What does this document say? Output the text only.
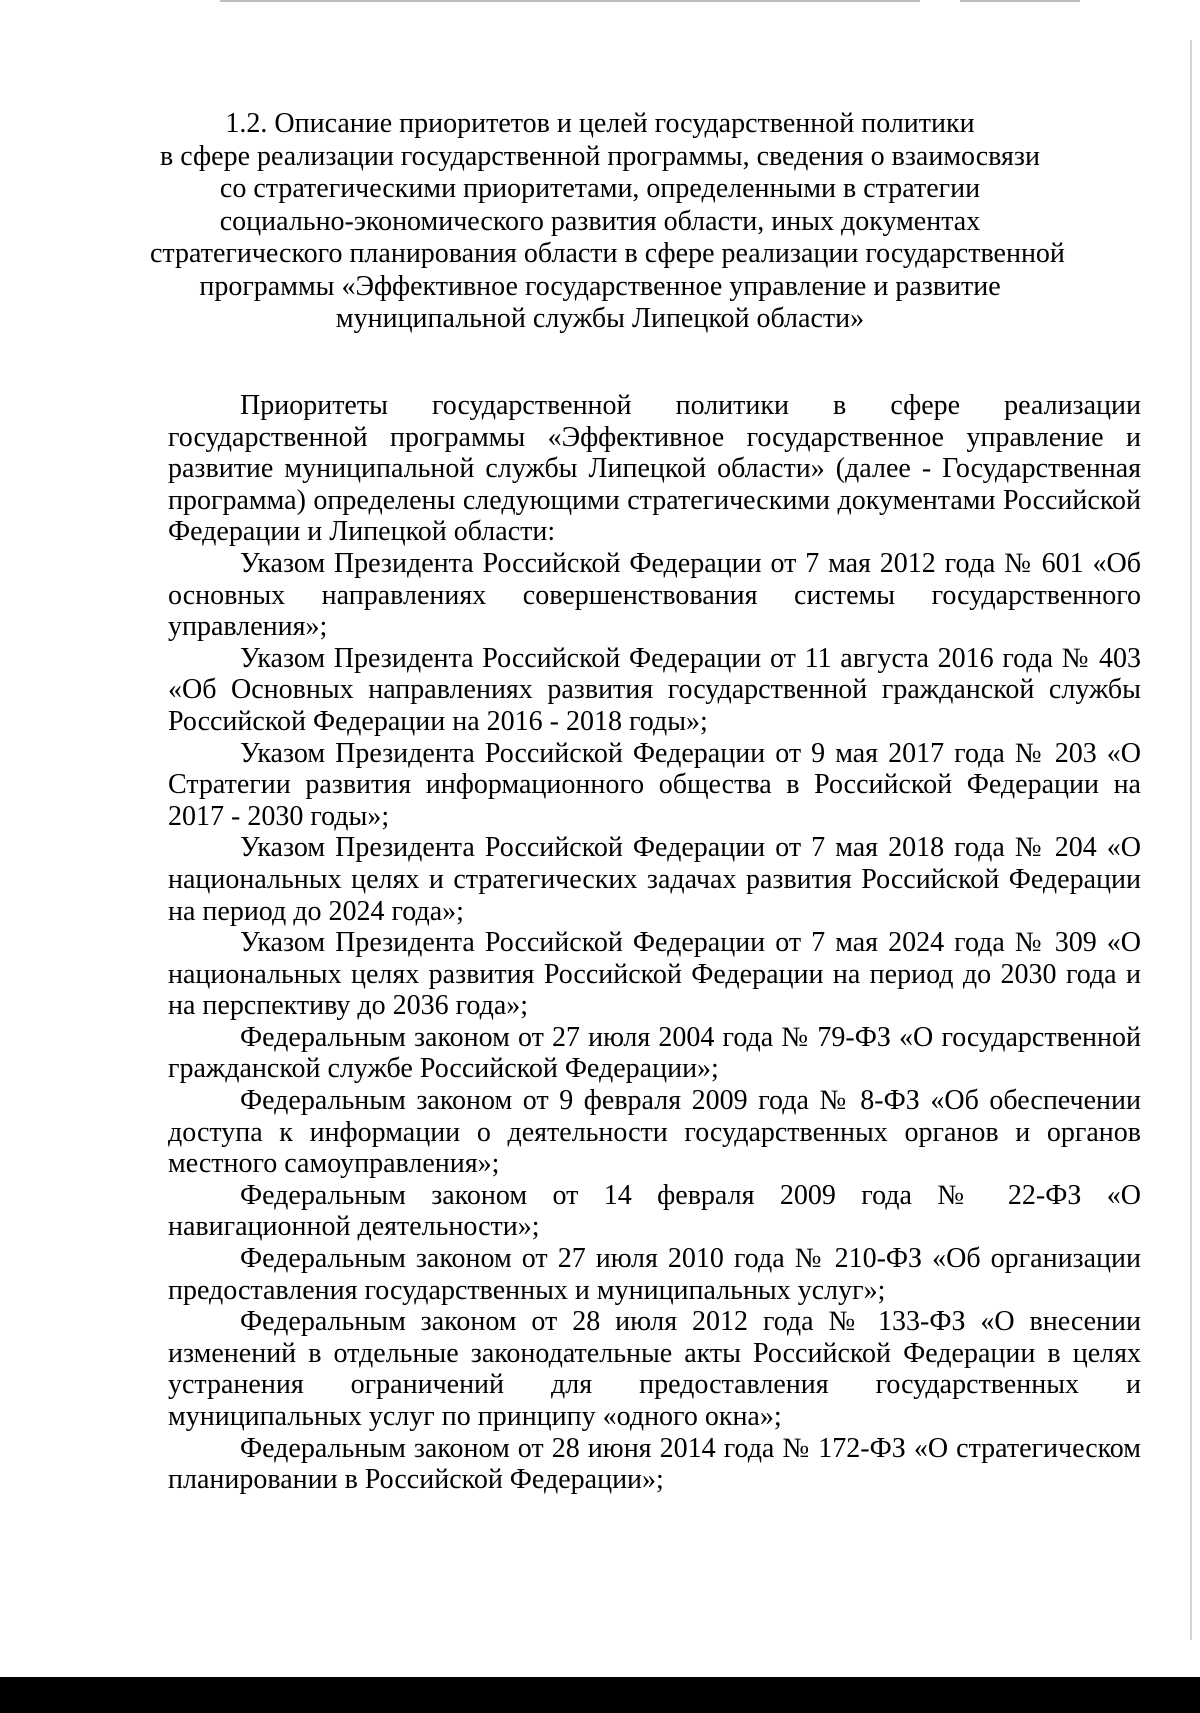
1.2. Описание приоритетов и целей государственной политики
в сфере реализации государственной программы, сведения о взаимосвязи
со стратегическими приоритетами, определенными в стратегии
социально-экономического развития области, иных документах
стратегического планирования области в сфере реализации государственной
программы «Эффективное государственное управление и развитие
муниципальной службы Липецкой области»

Приоритеты государственной политики в сфере реализации государственной программы «Эффективное государственное управление и развитие муниципальной службы Липецкой области» (далее - Государственная программа) определены следующими стратегическими документами Российской Федерации и Липецкой области:

Указом Президента Российской Федерации от 7 мая 2012 года № 601 «Об основных направлениях совершенствования системы государственного управления»;

Указом Президента Российской Федерации от 11 августа 2016 года № 403 «Об Основных направлениях развития государственной гражданской службы Российской Федерации на 2016 - 2018 годы»;

Указом Президента Российской Федерации от 9 мая 2017 года № 203 «О Стратегии развития информационного общества в Российской Федерации на 2017 - 2030 годы»;

Указом Президента Российской Федерации от 7 мая 2018 года № 204 «О национальных целях и стратегических задачах развития Российской Федерации на период до 2024 года»;

Указом Президента Российской Федерации от 7 мая 2024 года № 309 «О национальных целях развития Российской Федерации на период до 2030 года и на перспективу до 2036 года»;

Федеральным законом от 27 июля 2004 года № 79-ФЗ «О государственной гражданской службе Российской Федерации»;

Федеральным законом от 9 февраля 2009 года № 8-ФЗ «Об обеспечении доступа к информации о деятельности государственных органов и органов местного самоуправления»;

Федеральным законом от 14 февраля 2009 года № 22-ФЗ «О навигационной деятельности»;

Федеральным законом от 27 июля 2010 года № 210-ФЗ «Об организации предоставления государственных и муниципальных услуг»;

Федеральным законом от 28 июля 2012 года № 133-ФЗ «О внесении изменений в отдельные законодательные акты Российской Федерации в целях устранения ограничений для предоставления государственных и муниципальных услуг по принципу «одного окна»;

Федеральным законом от 28 июня 2014 года № 172-ФЗ «О стратегическом планировании в Российской Федерации»;
